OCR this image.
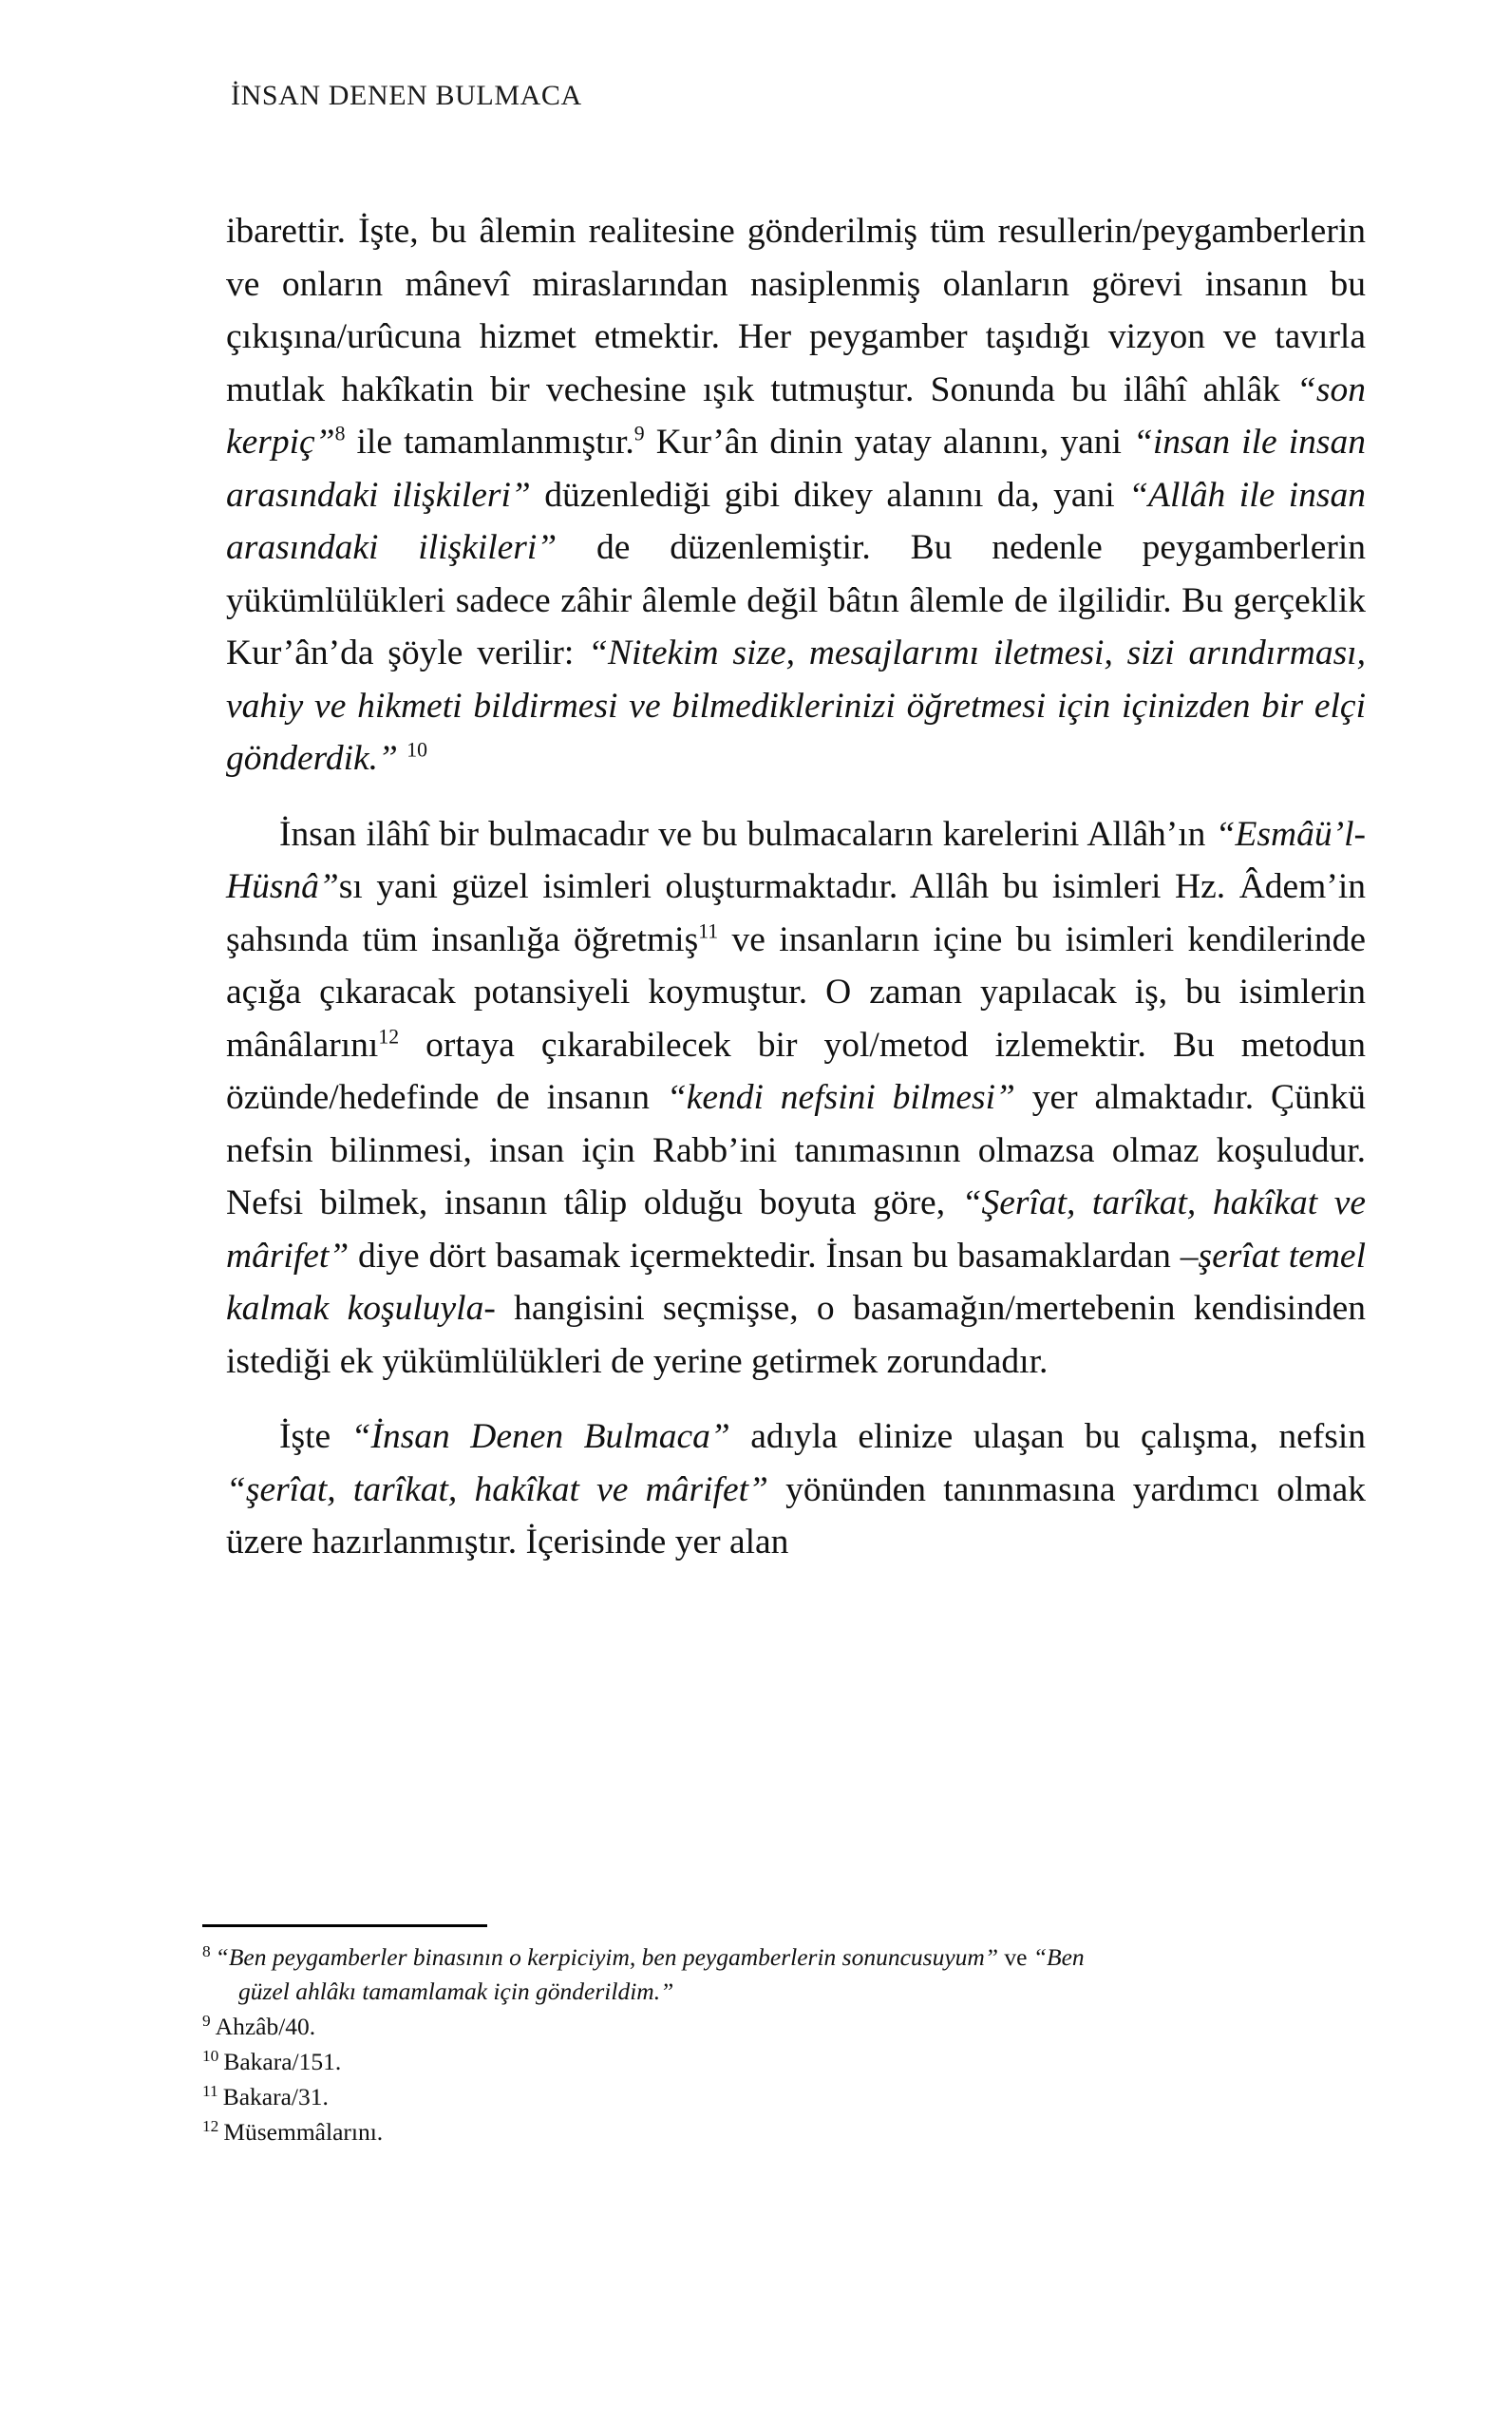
İNSAN DENEN BULMACA

ibarettir. İşte, bu âlemin realitesine gönderilmiş tüm resullerin/peygamberlerin ve onların mânevî miraslarından nasiplenmiş olanların görevi insanın bu çıkışına/urûcuna hizmet etmektir. Her peygamber taşıdığı vizyon ve tavırla mutlak hakîkatin bir vechesine ışık tutmuştur. Sonunda bu ilâhî ahlâk “son kerpiç”$^8$ ile tamamlanmıştır.$^9$ Kur’ân dinin yatay alanını, yani “insan ile insan arasındaki ilişkileri” düzenlediği gibi dikey alanını da, yani “Allâh ile insan arasındaki ilişkileri” de düzenlemiştir. Bu nedenle peygamberlerin yükümlülükleri sadece zâhir âlemle değil bâtın âlemle de ilgilidir. Bu gerçeklik Kur’ân’da şöyle verilir: “Nitekim size, mesajlarımı iletmesi, sizi arındırması, vahiy ve hikmeti bildirmesi ve bilmediklerinizi öğretmesi için içinizden bir elçi gönderdik.” $^{10}$

İnsan ilâhî bir bulmacadır ve bu bulmacaların karelerini Allâh’ın “Esmâü’l-Hüsnâ”sı yani güzel isimleri oluşturmaktadır. Allâh bu isimleri Hz. Âdem’in şahsında tüm insanlığa öğretmiş$^{11}$ ve insanların içine bu isimleri kendilerinde açığa çıkaracak potansiyeli koymuştur. O zaman yapılacak iş, bu isimlerin mânâlarını$^{12}$ ortaya çıkarabilecek bir yol/metod izlemektir. Bu metodun özünde/hedefinde de insanın “kendi nefsini bilmesi” yer almaktadır. Çünkü nefsin bilinmesi, insan için Rabb’ini tanımasının olmazsa olmaz koşuludur. Nefsi bilmek, insanın tâlip olduğu boyuta göre, “Şerîat, tarîkat, hakîkat ve mârifet” diye dört basamak içermektedir. İnsan bu basamaklardan –şerîat temel kalmak koşuluyla- hangisini seçmişse, o basamağın/mertebenin kendisinden istediği ek yükümlülükleri de yerine getirmek zorundadır.

İşte “İnsan Denen Bulmaca” adıyla elinize ulaşan bu çalışma, nefsin “şerîat, tarîkat, hakîkat ve mârifet” yönünden tanınmasına yardımcı olmak üzere hazırlanmıştır. İçerisinde yer alan

$^8$ “Ben peygamberler binasının o kerpiciyim, ben peygamberlerin sonuncusuyum” ve “Ben
güzel ahlâkı tamamlamak için gönderildim.”

$^9$ Ahzâb/40.

$^{10}$ Bakara/151.

$^{11}$ Bakara/31.

$^{12}$ Müsemmâlarını.
